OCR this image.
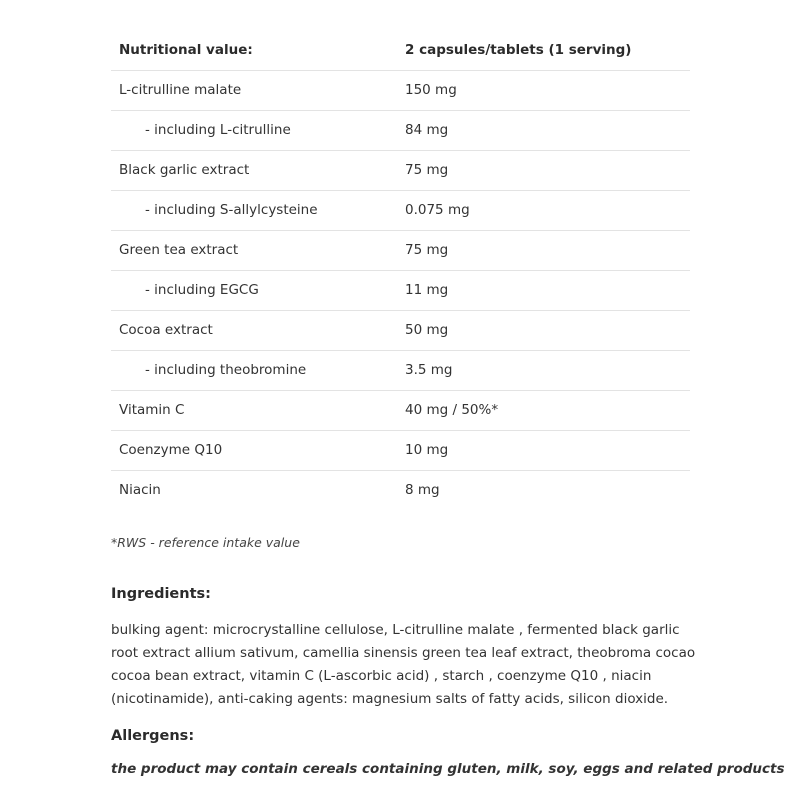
Nutritional value:	2 capsules/tablets (1 serving)
L-citrulline malate	150 mg
- including L-citrulline	84 mg
Black garlic extract	75 mg
- including S-allylcysteine	0.075 mg
Green tea extract	75 mg
- including EGCG	11 mg
Cocoa extract	50 mg
- including theobromine	3.5 mg
Vitamin C	40 mg / 50%*
Coenzyme Q10	10 mg
Niacin	8 mg

*RWS - reference intake value

Ingredients:

bulking agent: microcrystalline cellulose, L-citrulline malate , fermented black garlic root extract allium sativum, camellia sinensis green tea leaf extract, theobroma cocao cocoa bean extract, vitamin C (L-ascorbic acid) , starch , coenzyme Q10 , niacin (nicotinamide), anti-caking agents: magnesium salts of fatty acids, silicon dioxide.

Allergens:

the product may contain cereals containing gluten, milk, soy, eggs and related products
